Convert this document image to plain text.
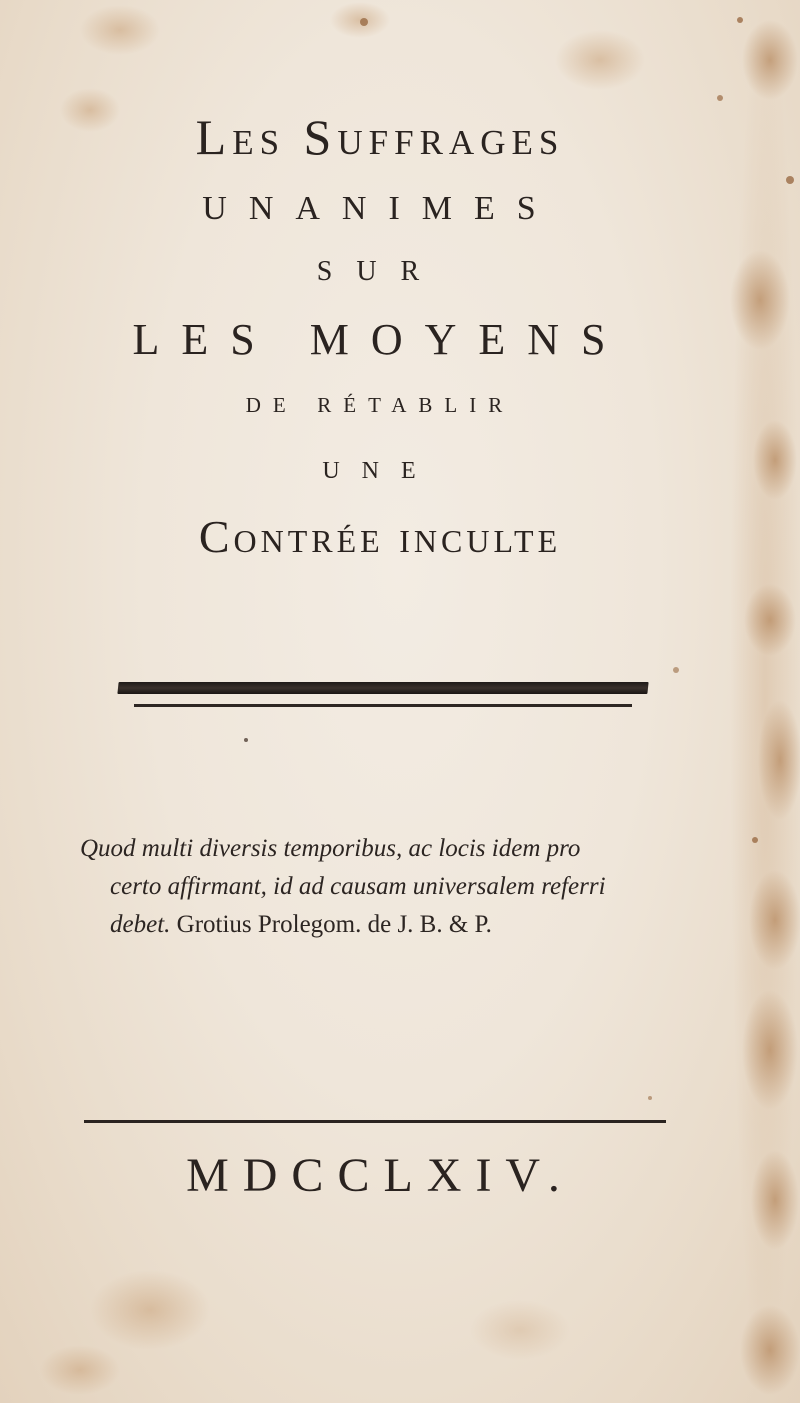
Les Suffrages
UNANIMES
SUR
LES MOYENS
de rétablir
UNE
Contrée inculte
Quod multi diversis temporibus, ac locis idem pro
certo affirmant, id ad causam universalem referri
debet. Grotius Prolegom. de J. B. & P.
MDCCLXIV.
